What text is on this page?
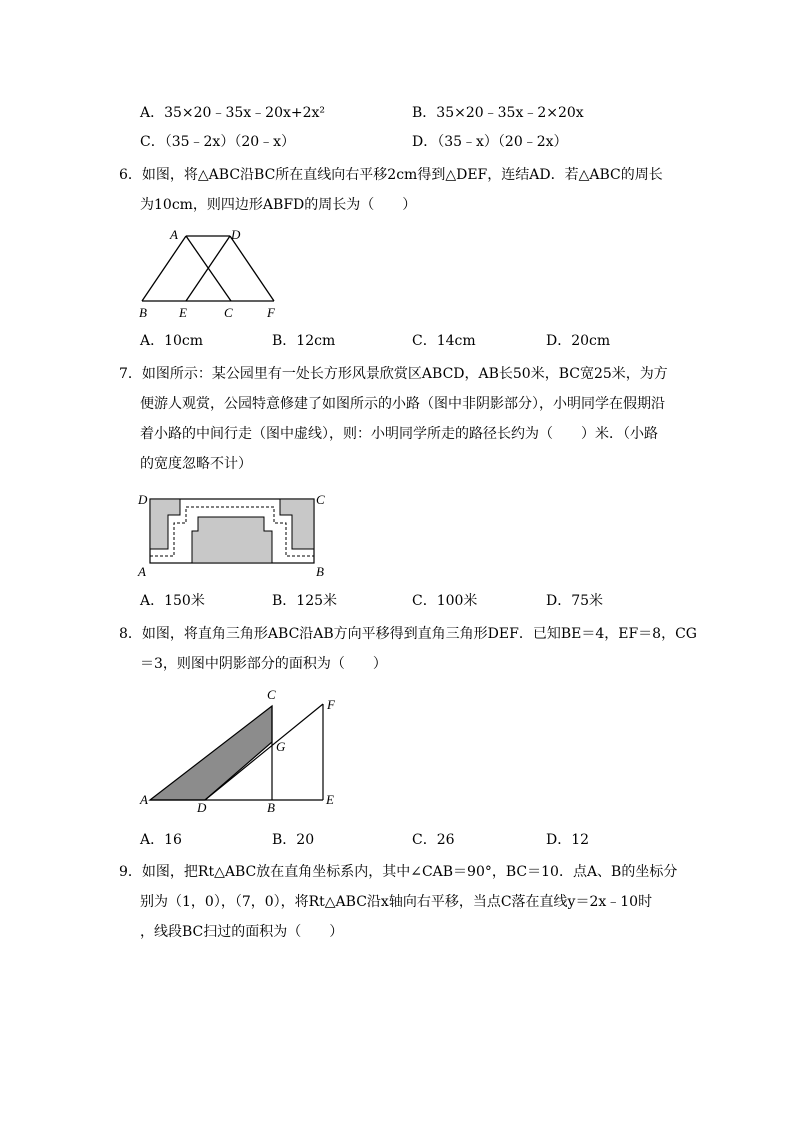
A．35×20﹣35x﹣20x+2x²	B．35×20﹣35x﹣2×20x
C．（35﹣2x）（20﹣x）	D．（35﹣x）（20﹣2x）
6．如图，将△ABC沿BC所在直线向右平移2cm得到△DEF，连结AD．若△ABC的周长
为10cm，则四边形ABFD的周长为（　　）
A	D
B E	C	F
A．10cm	B．12cm	C．14cm	D．20cm
7．如图所示：某公园里有一处长方形风景欣赏区ABCD，AB长50米，BC宽25米，为方
便游人观赏，公园特意修建了如图所示的小路（图中非阴影部分），小明同学在假期沿
着小路的中间行走（图中虚线），则：小明同学所走的路径长约为（　　）米．（小路
的宽度忽略不计）
D	C
A	B
A．150米	B．125米	C．100米	D．75米
8．如图，将直角三角形ABC沿AB方向平移得到直角三角形DEF．已知BE＝4，EF＝8，CG
＝3，则图中阴影部分的面积为（　　）
C
F
G
A
D	B
E
A．16	B．20	C．26	D．12
9．如图，把Rt△ABC放在直角坐标系内，其中∠CAB＝90°，BC＝10．点A、B的坐标分
别为（1，0），（7，0），将Rt△ABC沿x轴向右平移，当点C落在直线y＝2x﹣10时
，线段BC扫过的面积为（　　）
